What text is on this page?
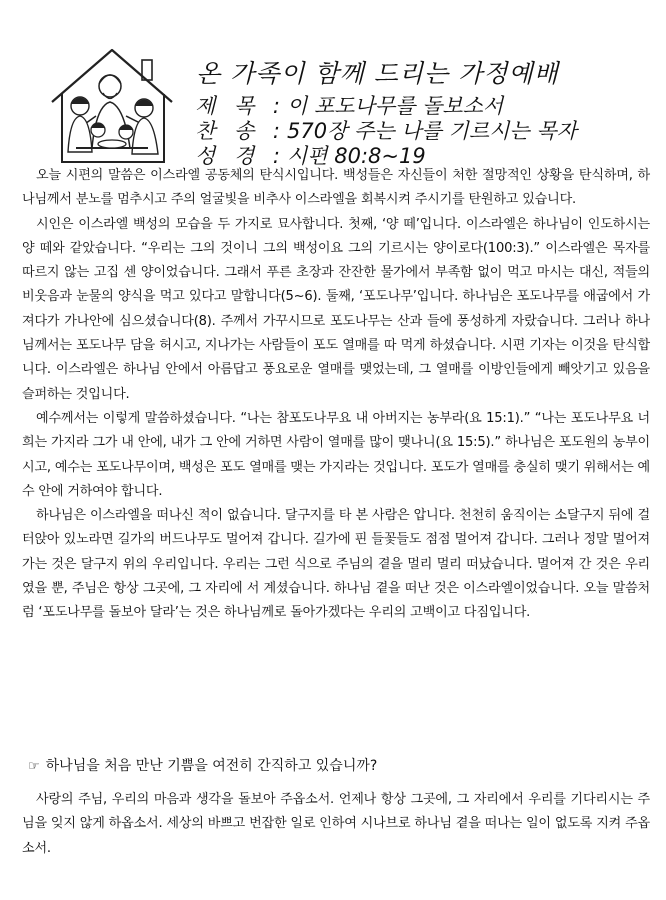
온 가족이 함께 드리는 가정예배
제 목 :이 포도나무를 돌보소서
찬 송 :570장 주는 나를 기르시는 목자
성 경 :시편 80:8~19

오늘 시편의 말씀은 이스라엘 공동체의 탄식시입니다. 백성들은 자신들이 처한 절망적인 상황을 탄식하며, 하나님께서 분노를 멈추시고 주의 얼굴빛을 비추사 이스라엘을 회복시켜 주시기를 탄원하고 있습니다.

시인은 이스라엘 백성의 모습을 두 가지로 묘사합니다. 첫째, ‘양 떼’입니다. 이스라엘은 하나님이 인도하시는 양 떼와 같았습니다. “우리는 그의 것이니 그의 백성이요 그의 기르시는 양이로다(100:3).” 이스라엘은 목자를 따르지 않는 고집 센 양이었습니다. 그래서 푸른 초장과 잔잔한 물가에서 부족함 없이 먹고 마시는 대신, 적들의 비웃음과 눈물의 양식을 먹고 있다고 말합니다(5~6). 둘째, ‘포도나무’입니다. 하나님은 포도나무를 애굽에서 가져다가 가나안에 심으셨습니다(8). 주께서 가꾸시므로 포도나무는 산과 들에 풍성하게 자랐습니다. 그러나 하나님께서는 포도나무 담을 허시고, 지나가는 사람들이 포도 열매를 따 먹게 하셨습니다. 시편 기자는 이것을 탄식합니다. 이스라엘은 하나님 안에서 아름답고 풍요로운 열매를 맺었는데, 그 열매를 이방인들에게 빼앗기고 있음을 슬퍼하는 것입니다.

예수께서는 이렇게 말씀하셨습니다. “나는 참포도나무요 내 아버지는 농부라(요 15:1).” “나는 포도나무요 너희는 가지라 그가 내 안에, 내가 그 안에 거하면 사람이 열매를 많이 맺나니(요 15:5).” 하나님은 포도원의 농부이시고, 예수는 포도나무이며, 백성은 포도 열매를 맺는 가지라는 것입니다. 포도가 열매를 충실히 맺기 위해서는 예수 안에 거하여야 합니다.

하나님은 이스라엘을 떠나신 적이 없습니다. 달구지를 타 본 사람은 압니다. 천천히 움직이는 소달구지 뒤에 걸터앉아 있노라면 길가의 버드나무도 멀어져 갑니다. 길가에 핀 들꽃들도 점점 멀어져 갑니다. 그러나 정말 멀어져 가는 것은 달구지 위의 우리입니다. 우리는 그런 식으로 주님의 곁을 멀리 멀리 떠났습니다. 멀어져 간 것은 우리였을 뿐, 주님은 항상 그곳에, 그 자리에 서 계셨습니다. 하나님 곁을 떠난 것은 이스라엘이었습니다. 오늘 말씀처럼 ‘포도나무를 돌보아 달라’는 것은 하나님께로 돌아가겠다는 우리의 고백이고 다짐입니다.

☞ 하나님을 처음 만난 기쁨을 여전히 간직하고 있습니까?

사랑의 주님, 우리의 마음과 생각을 돌보아 주옵소서. 언제나 항상 그곳에, 그 자리에서 우리를 기다리시는 주님을 잊지 않게 하옵소서. 세상의 바쁘고 번잡한 일로 인하여 시나브로 하나님 곁을 떠나는 일이 없도록 지켜 주옵소서.
